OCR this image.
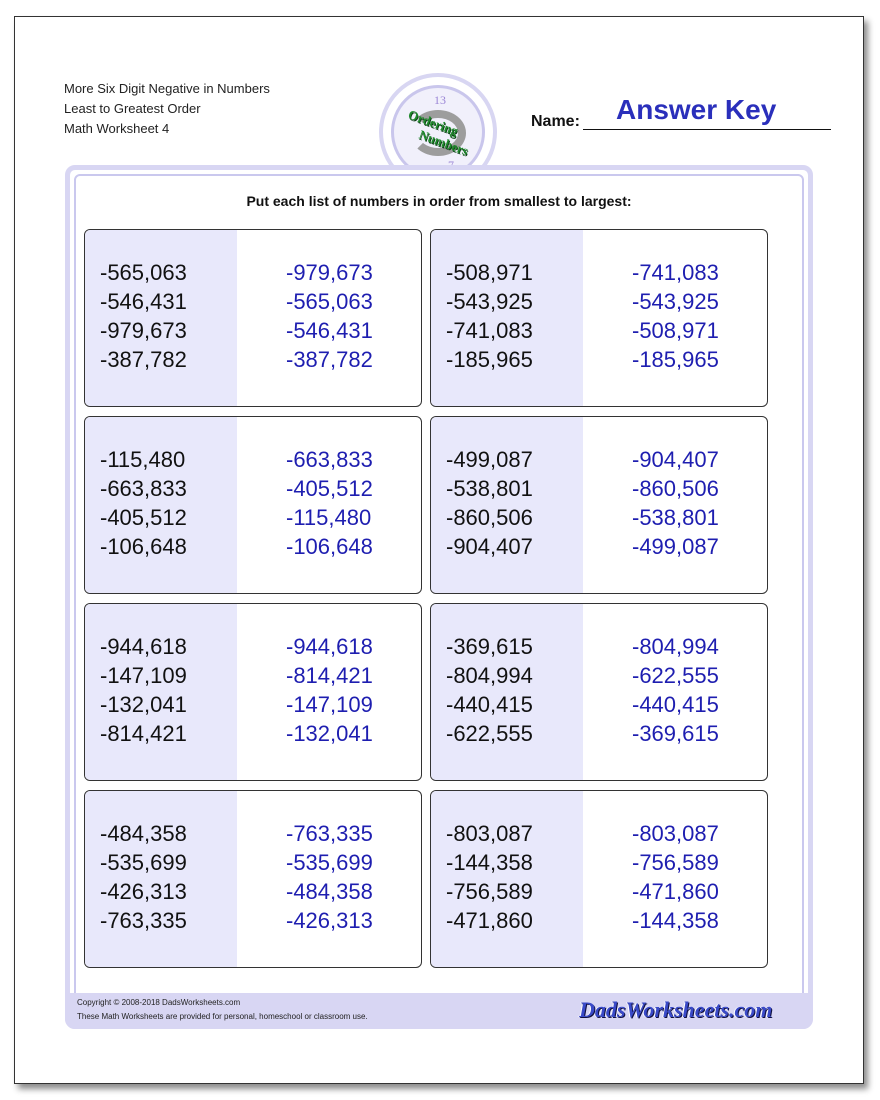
More Six Digit Negative in Numbers
Least to Greatest Order
Math Worksheet 4
13
Ordering
Numbers
Name: Answer Key
Put each list of numbers in order from smallest to largest:
-565,063
-546,431
-979,673
-387,782
-979,673
-565,063
-546,431
-387,782
-508,971
-543,925
-741,083
-185,965
-741,083
-543,925
-508,971
-185,965
-115,480
-663,833
-405,512
-106,648
-663,833
-405,512
-115,480
-106,648
-499,087
-538,801
-860,506
-904,407
-904,407
-860,506
-538,801
-499,087
-944,618
-147,109
-132,041
-814,421
-944,618
-814,421
-147,109
-132,041
-369,615
-804,994
-440,415
-622,555
-804,994
-622,555
-440,415
-369,615
-484,358
-535,699
-426,313
-763,335
-763,335
-535,699
-484,358
-426,313
-803,087
-144,358
-756,589
-471,860
-803,087
-756,589
-471,860
-144,358
Copyright © 2008-2018 DadsWorksheets.com
These Math Worksheets are provided for personal, homeschool or classroom use.	DadsWorksheets.com
